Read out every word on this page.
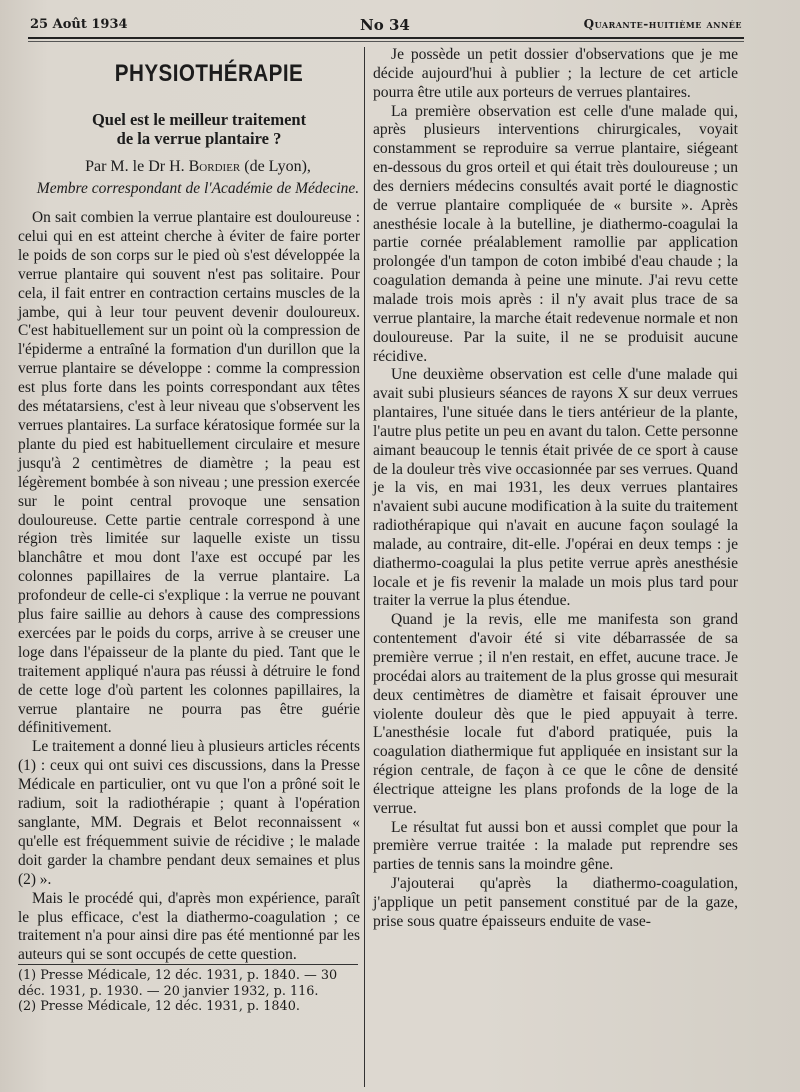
25 Août 1934	No 34	Quarante-huitième année
PHYSIOTHÉRAPIE
Quel est le meilleur traitement
de la verrue plantaire ?
Par M. le Dr H. Bordier (de Lyon),
Membre correspondant de l'Académie de Médecine.

On sait combien la verrue plantaire est douloureuse : celui qui en est atteint cherche à éviter de faire porter le poids de son corps sur le pied où s'est développée la verrue plantaire qui souvent n'est pas solitaire. Pour cela, il fait entrer en contraction certains muscles de la jambe, qui à leur tour peuvent devenir douloureux. C'est habituellement sur un point où la compression de l'épiderme a entraîné la formation d'un durillon que la verrue plantaire se développe : comme la compression est plus forte dans les points correspondant aux têtes des métatarsiens, c'est à leur niveau que s'observent les verrues plantaires. La surface kératosique formée sur la plante du pied est habituellement circulaire et mesure jusqu'à 2 centimètres de diamètre ; la peau est légèrement bombée à son niveau ; une pression exercée sur le point central provoque une sensation douloureuse. Cette partie centrale correspond à une région très limitée sur laquelle existe un tissu blanchâtre et mou dont l'axe est occupé par les colonnes papillaires de la verrue plantaire. La profondeur de celle-ci s'explique : la verrue ne pouvant plus faire saillie au dehors à cause des compressions exercées par le poids du corps, arrive à se creuser une loge dans l'épaisseur de la plante du pied. Tant que le traitement appliqué n'aura pas réussi à détruire le fond de cette loge d'où partent les colonnes papillaires, la verrue plantaire ne pourra pas être guérie définitivement.

Le traitement a donné lieu à plusieurs articles récents (1) : ceux qui ont suivi ces discussions, dans la Presse Médicale en particulier, ont vu que l'on a prôné soit le radium, soit la radiothérapie ; quant à l'opération sanglante, MM. Degrais et Belot reconnaissent « qu'elle est fréquemment suivie de récidive ; le malade doit garder la chambre pendant deux semaines et plus (2) ».

Mais le procédé qui, d'après mon expérience, paraît le plus efficace, c'est la diathermo-coagulation ; ce traitement n'a pour ainsi dire pas été mentionné par les auteurs qui se sont occupés de cette question.

(1) Presse Médicale, 12 déc. 1931, p. 1840. — 30 déc. 1931, p. 1930. — 20 janvier 1932, p. 116.

(2) Presse Médicale, 12 déc. 1931, p. 1840.

Je possède un petit dossier d'observations que je me décide aujourd'hui à publier ; la lecture de cet article pourra être utile aux porteurs de verrues plantaires.

La première observation est celle d'une malade qui, après plusieurs interventions chirurgicales, voyait constamment se reproduire sa verrue plantaire, siégeant en-dessous du gros orteil et qui était très douloureuse ; un des derniers médecins consultés avait porté le diagnostic de verrue plantaire compliquée de « bursite ». Après anesthésie locale à la butelline, je diathermo-coagulai la partie cornée préalablement ramollie par application prolongée d'un tampon de coton imbibé d'eau chaude ; la coagulation demanda à peine une minute. J'ai revu cette malade trois mois après : il n'y avait plus trace de sa verrue plantaire, la marche était redevenue normale et non douloureuse. Par la suite, il ne se produisit aucune récidive.

Une deuxième observation est celle d'une malade qui avait subi plusieurs séances de rayons X sur deux verrues plantaires, l'une située dans le tiers antérieur de la plante, l'autre plus petite un peu en avant du talon. Cette personne aimant beaucoup le tennis était privée de ce sport à cause de la douleur très vive occasionnée par ses verrues. Quand je la vis, en mai 1931, les deux verrues plantaires n'avaient subi aucune modification à la suite du traitement radiothérapique qui n'avait en aucune façon soulagé la malade, au contraire, dit-elle. J'opérai en deux temps : je diathermo-coagulai la plus petite verrue après anesthésie locale et je fis revenir la malade un mois plus tard pour traiter la verrue la plus étendue.

Quand je la revis, elle me manifesta son grand contentement d'avoir été si vite débarrassée de sa première verrue ; il n'en restait, en effet, aucune trace. Je procédai alors au traitement de la plus grosse qui mesurait deux centimètres de diamètre et faisait éprouver une violente douleur dès que le pied appuyait à terre. L'anesthésie locale fut d'abord pratiquée, puis la coagulation diathermique fut appliquée en insistant sur la région centrale, de façon à ce que le cône de densité électrique atteigne les plans profonds de la loge de la verrue.

Le résultat fut aussi bon et aussi complet que pour la première verrue traitée : la malade put reprendre ses parties de tennis sans la moindre gêne.

J'ajouterai qu'après la diathermo-coagulation, j'applique un petit pansement constitué par de la gaze, prise sous quatre épaisseurs enduite de vase-
